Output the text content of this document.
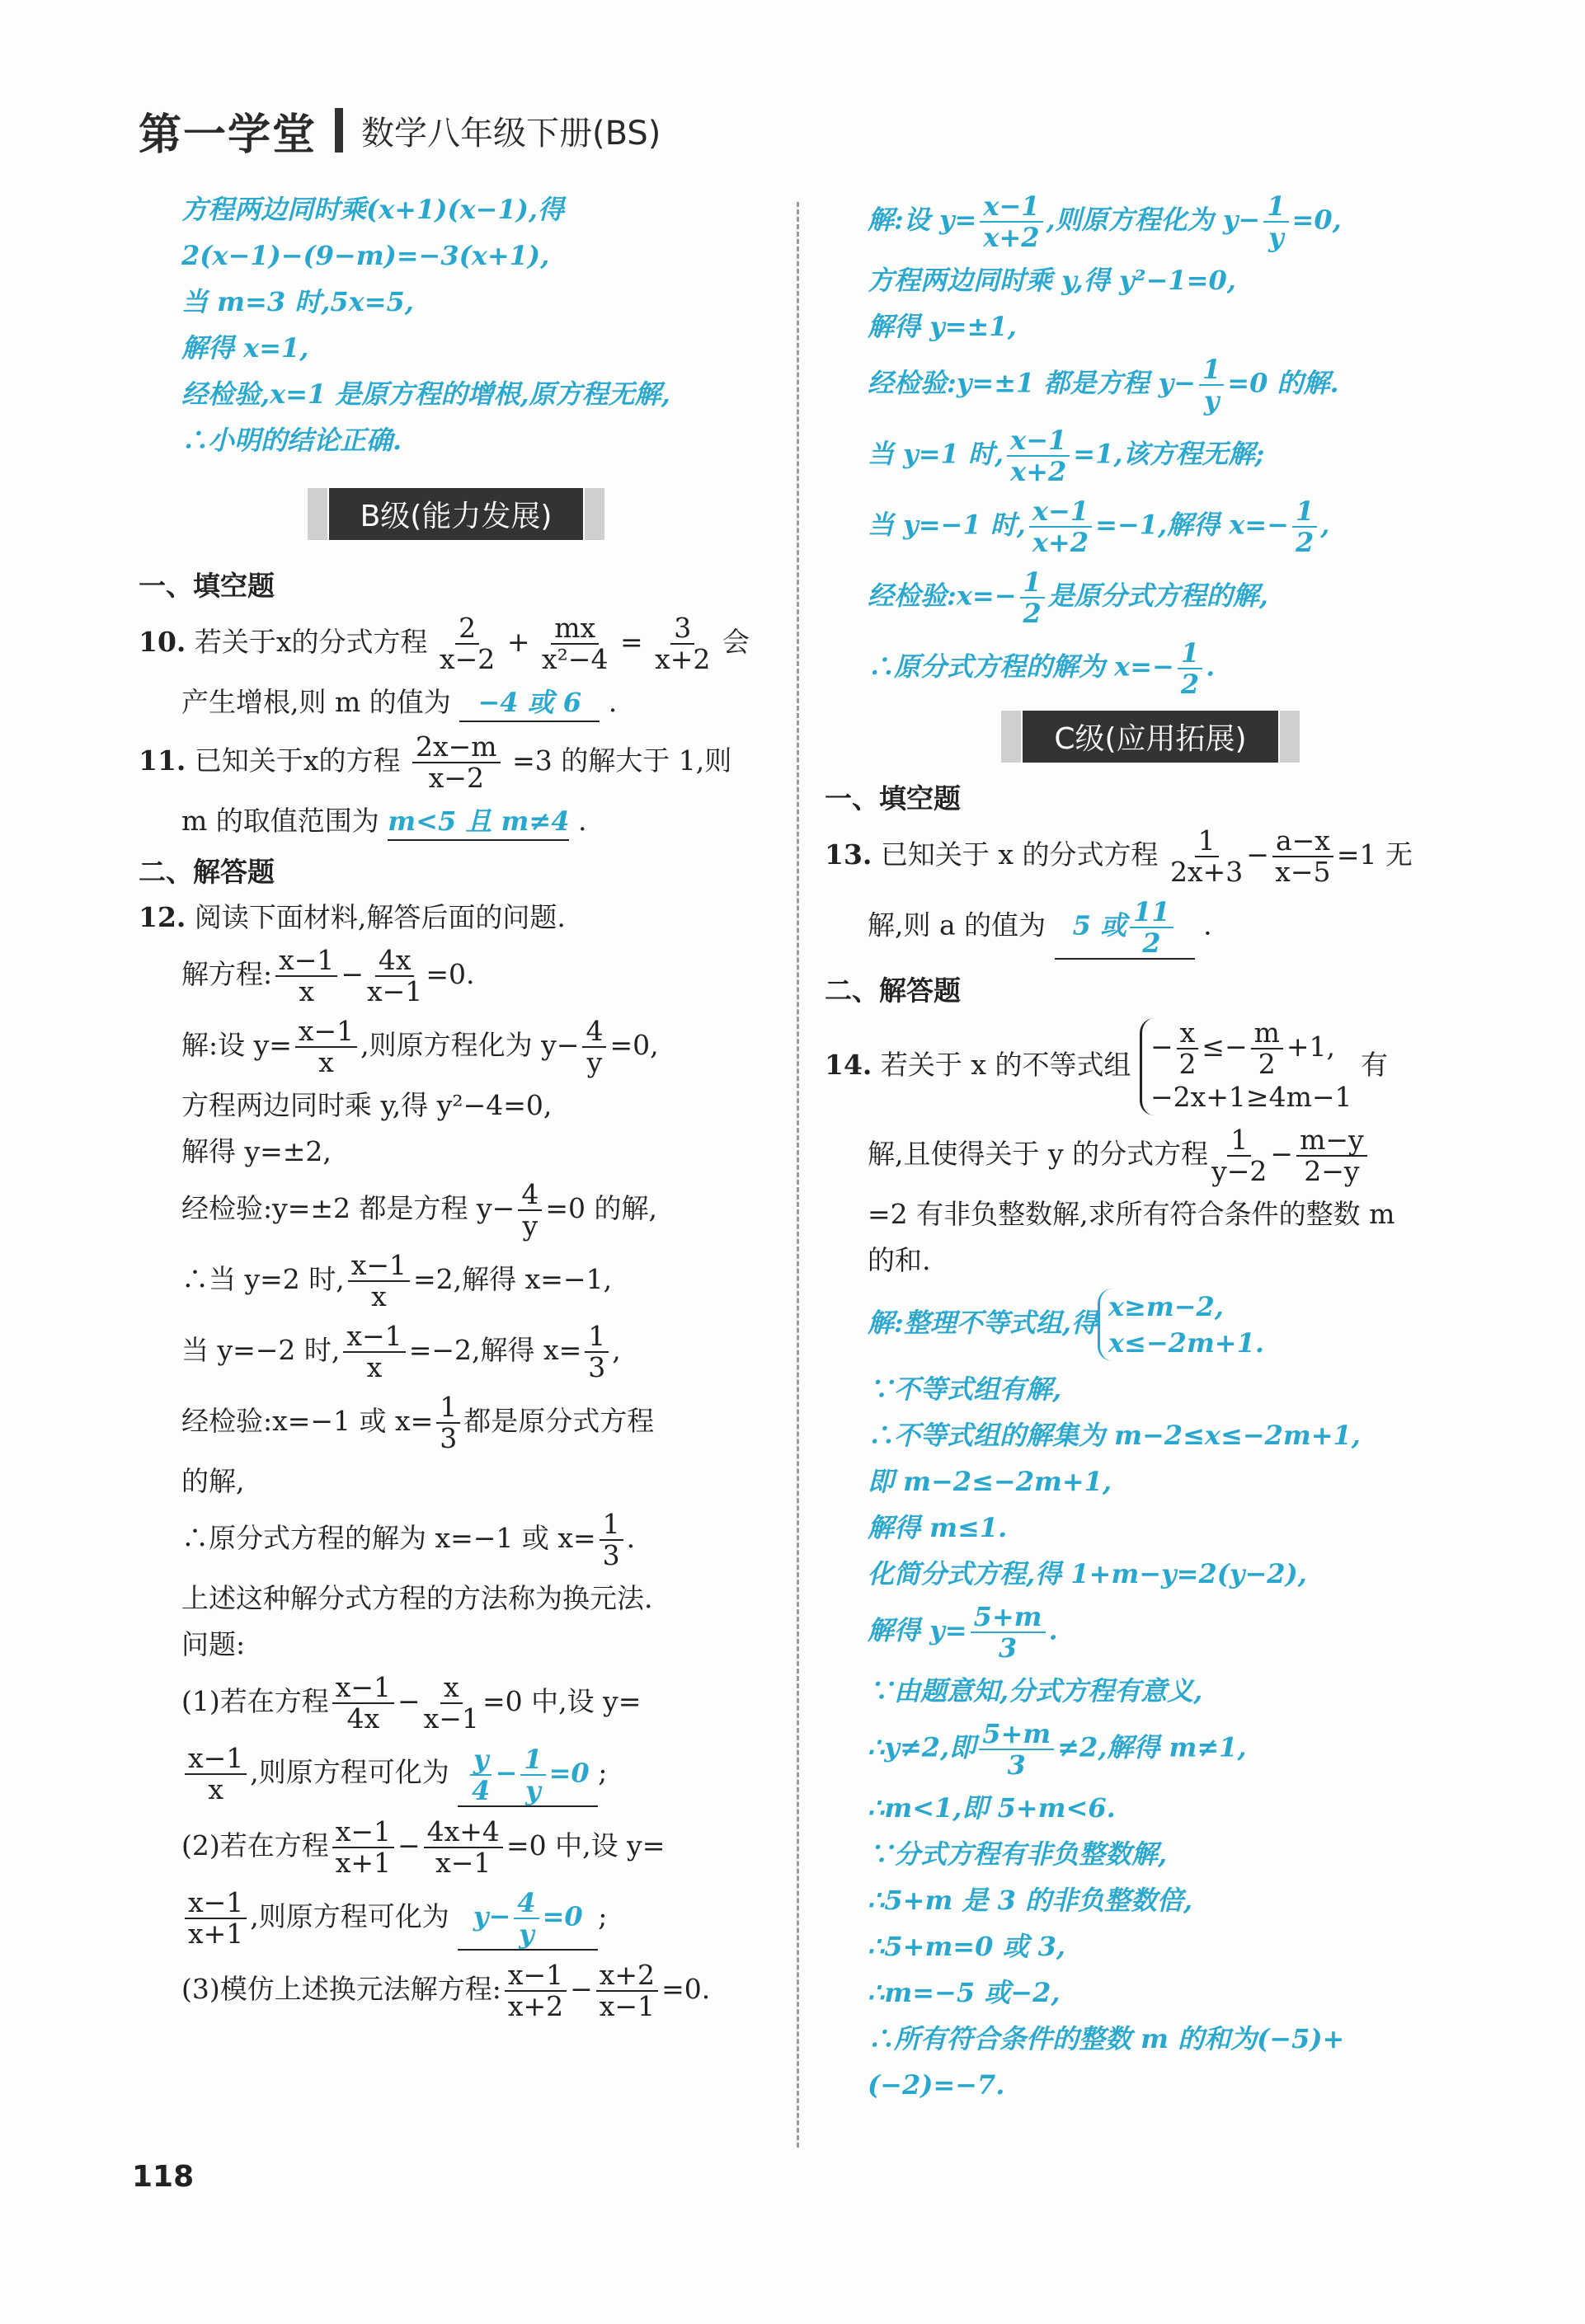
第一学堂 数学八年级下册(BS)

方程两边同时乘(x+1)(x−1),得

2(x−1)−(9−m)=−3(x+1),

当 m=3 时,5x=5,

解得 x=1,

经检验,x=1 是原方程的增根,原方程无解,

∴小明的结论正确.

B级(能力发展)
一、填空题

10. 若关于x的分式方程 $\frac{2}{x-2} + \frac{mx}{\text{x²−4}} = \frac{3}{x+2}$ 会

产生增根,则 m 的值为 −4 或 6 .

11. 已知关于x的方程 $\frac{2x-m}{x-2} =3$ 的解大于 1,则

m 的取值范围为 m<5 且 m≠4 .

二、解答题

12. 阅读下面材料,解答后面的问题.

解方程: $\frac{x-1}{x} - \frac{4x}{x-1} =0$.

解:设 $y= \frac{x-1}{x}$ ,则原方程化为 $y- \frac{4}{y} =0$,

方程两边同时乘 y,得 y²−4=0,

解得 y=±2,

经检验:y=±2 都是方程 $y- \frac{4}{y} =0$ 的解,

∴当 y=2 时, $\frac{x-1}{x} =2$,解得 x=−1,

当 y=−2 时, $\frac{x-1}{x} =-2$,解得 $x= \frac{1}{3}$ ,

经检验:x=−1 或 $x= \frac{1}{3}$ 都是原分式方程

的解,

∴原分式方程的解为 x=−1 或 $x= \frac{1}{3}$ .

上述这种解分式方程的方法称为换元法.

问题:

(1)若在方程 $\frac{x-1}{4x} - \frac{x}{x-1} =0$ 中,设 y=

$\frac{x-1}{x}$ ,则原方程可化为 $\frac{y}{4} - \frac{1}{y} =0$ ;

(2)若在方程 $\frac{x-1}{x+1} - \frac{4x+4}{x-1} =0$ 中,设 y=

$\frac{x-1}{x+1}$ ,则原方程可化为 $y- \frac{4}{y} =0$ ;

(3)模仿上述换元法解方程: $\frac{x-1}{x+2} - \frac{x+2}{x-1} =0$.

解:设 $y= \frac{x-1}{x+2}$ ,则原方程化为 $y- \frac{1}{y} =0$,

方程两边同时乘 y,得 y²−1=0,

解得 y=±1,

经检验:y=±1 都是方程 $y- \frac{1}{y} =0$ 的解.

当 y=1 时, $\frac{x-1}{x+2} =1$,该方程无解;

当 y=−1 时, $\frac{x-1}{x+2} =-1$,解得 $x=- \frac{1}{2}$ ,

经检验:x=− $\frac{1}{2}$ 是原分式方程的解,

∴原分式方程的解为 $x=- \frac{1}{2}$ .

C级(应用拓展)
一、填空题

13. 已知关于 x 的分式方程 $\frac{1}{2x+3} - \frac{a-x}{x-5} =1$ 无

解,则 a 的值为 5 或 $\frac{11}{2}$ .

二、解答题

14. 若关于 x 的不等式组
− $\frac{x}{2} \le- \frac{m}{2} +1$,
−2x+1≥4m−1
有

解,且使得关于 y 的分式方程 $\frac{1}{y-2} - \frac{m-y}{2-y}$

=2 有非负整数解,求所有符合条件的整数 m

的和.

解:整理不等式组,得
x≥m−2,
x≤−2m+1.

∵不等式组有解,

∴不等式组的解集为 m−2≤x≤−2m+1,

即 m−2≤−2m+1,

解得 m≤1.

化简分式方程,得 1+m−y=2(y−2),

解得 $y= \frac{5+m}{3}$ .

∵由题意知,分式方程有意义,

∴y≠2,即 $\frac{5+m}{3} \ne 2$,解得 m≠1,

∴m<1,即 5+m<6.

∵分式方程有非负整数解,

∴5+m 是 3 的非负整数倍,

∴5+m=0 或 3,

∴m=−5 或−2,

∴所有符合条件的整数 m 的和为(−5)+

(−2)=−7.

118
